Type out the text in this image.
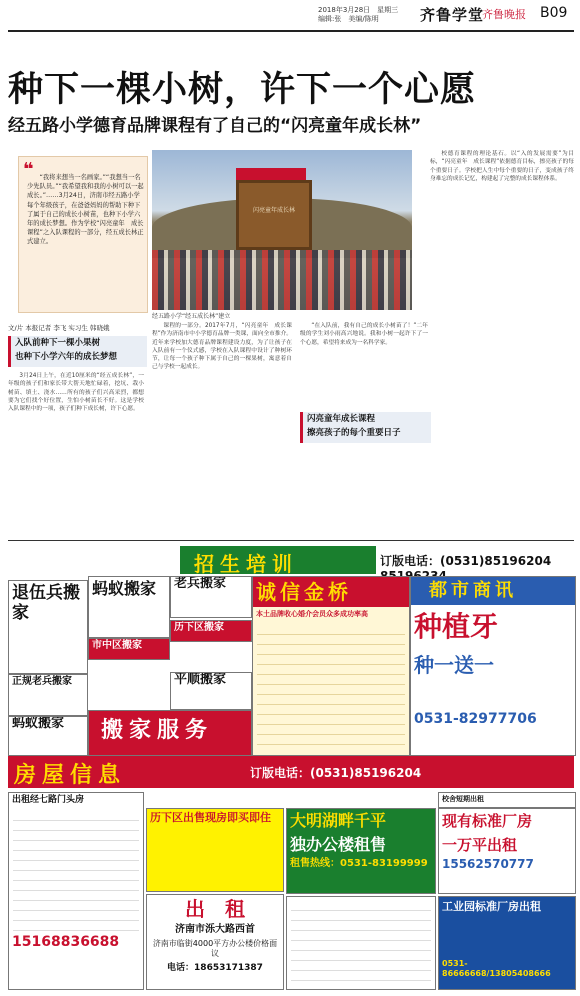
2018年3月28日　星期三
编辑:张　美编/陈明	齐鲁学堂
齐鲁晚报 B09
种下一棵小树，许下一个心愿
经五路小学德育品牌课程有了自己的“闪亮童年成长林”
❝ “我将来想当一名画家。”“我想当一名少先队员。”“我希望我和我的小树可以一起成长。”……3月24日，济南市经五路小学每个年级孩子，在爸爸妈妈的帮助下种下了属于自己的成长小树苗，也种下小学六年的成长梦想。作为学校“闪亮童年　成长课程”之入队课程的一部分，经五成长林正式建立。
闪亮童年成长林
经五路小学“经五成长林”建立
文/片 本报记者 李飞 实习生 韩晓娥
入队前种下一棵小果树
也种下小学六年的成长梦想

3月24日上午，在近10厘米的“经五成长林”，一年级的孩子们和家长带大帮天地忙碌着，挖坑、栽小树苗、填土、浇水……所有的孩子们兴高采烈，都想要为它们找个好位置，生怕小树苗长不好。这是学校入队课程中的一项，孩子们种下成长树，许下心愿。

课程的一部分。2017年7月，“闪亮童年　成长课程”作为济南市中小学德育品牌一类课，面向全市推介。近年来学校加大德育品牌课程建设力度，为了让孩子在入队前有一个仪式感，学校在入队课程中设计了种树环节，让每一个孩子种下属于自己的一棵果树，寓意着自己与学校一起成长。

“在入队前，我有自己的成长小树苗了！”二年级的学生刘小雨高兴地说。我和小树一起许下了一个心愿，希望将来成为一名科学家。

闪亮童年成长课程
擦亮孩子的每个重要日子

校德育课程的理论基石。以“入的发展需要”为目标，“闪亮童年　成长课程”依据德育目标，擦亮孩子的每个重要日子。学校把人生中每个重要的日子，变成孩子终身难忘的成长记忆，构建起了完整的成长课程体系。

招生培训	订版电话：(0531)85196204　
退伍兵搬家
正规老兵搬家
蚂蚁搬家
蚂蚁搬家
市中区搬家
老兵搬家
历下区搬家
平顺搬家
搬家服务
诚信金桥
本土品牌收心婚介会员众多成功率高
都市商讯
种植牙
种一送一
0531-82977706
房屋信息	订版电话：(0531)85196204
出租经七路门头房
15168836688
历下区出售现房即买即住
出　租
济南市泺大路西首
济南市临街4000平方办公楼价格面议
电话：18653171387
大明湖畔千平
独办公楼租售
租售热线：0531-83199999
现有标准厂房
一万平出租
15562570777
工业园标准厂房出租
0531-86666668/13805408666
校舍短期出租
